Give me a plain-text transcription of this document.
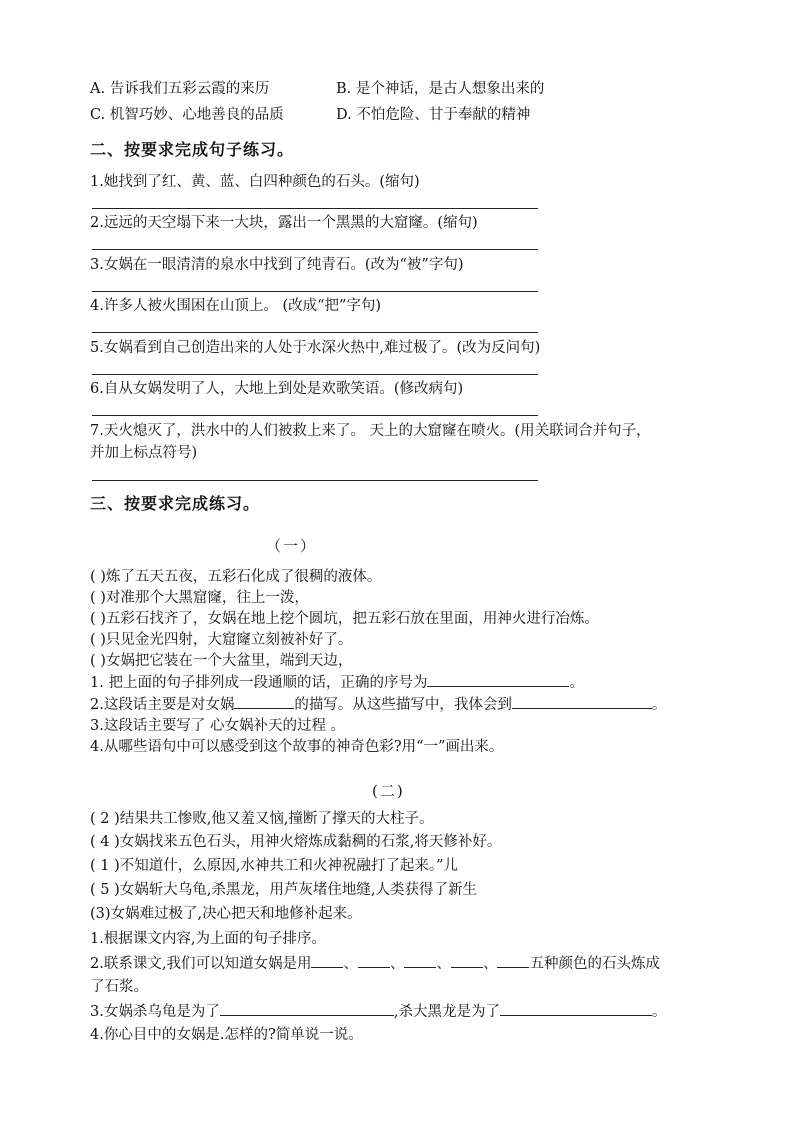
A. 告诉我们五彩云霞的来历	B. 是个神话，是古人想象出来的
C. 机智巧妙、心地善良的品质	D. 不怕危险、甘于奉献的精神
二、按要求完成句子练习。
1.她找到了红、黄、蓝、白四种颜色的石头。(缩句)
2.远远的天空塌下来一大块，露出一个黑黑的大窟窿。(缩句)
3.女娲在一眼清清的泉水中找到了纯青石。(改为“被”字句)
4.许多人被火围困在山顶上。 (改成“把”字句)
5.女娲看到自己创造出来的人处于水深火热中,难过极了。(改为反问句)
6.自从女娲发明了人，大地上到处是欢歌笑语。(修改病句)
7.天火熄灭了，洪水中的人们被救上来了。 天上的大窟窿在喷火。(用关联词合并句子，
并加上标点符号)
三、按要求完成练习。
（一）
( )炼了五天五夜，五彩石化成了很稠的液体。
( )对准那个大黑窟窿，往上一泼，
( )五彩石找齐了，女娲在地上挖个圆坑，把五彩石放在里面，用神火进行冶炼。
( )只见金光四射，大窟窿立刻被补好了。
( )女娲把它装在一个大盆里，端到天边，
1. 把上面的句子排列成一段通顺的话，正确的序号为	。
2.这段话主要是对女娲	的描写。从这些描写中，我体会到	。
3.这段话主要写了 心女娲补天的过程 。
4.从哪些语句中可以感受到这个故事的神奇色彩?用“一”画出来。
(二)
( 2 )结果共工惨败,他又羞又恼,撞断了撑天的大柱子。
( 4 )女娲找来五色石头，用神火熔炼成黏稠的石浆,将天修补好。
( 1 )不知道什，么原因,水神共工和火神祝融打了起来。”儿
( 5 )女娲斩大乌龟,杀黑龙，用芦灰堵住地缝,人类获得了新生
(3)女娲难过极了,决心把天和地修补起来。
1.根据课文内容,为上面的句子排序。
2.联系课文,我们可以知道女娲是用 、 、 、 、 五种颜色的石头炼成
了石浆。
3.女娲杀乌龟是为了	,杀大黑龙是为了	。
4.你心目中的女娲是.怎样的?简单说一说。
